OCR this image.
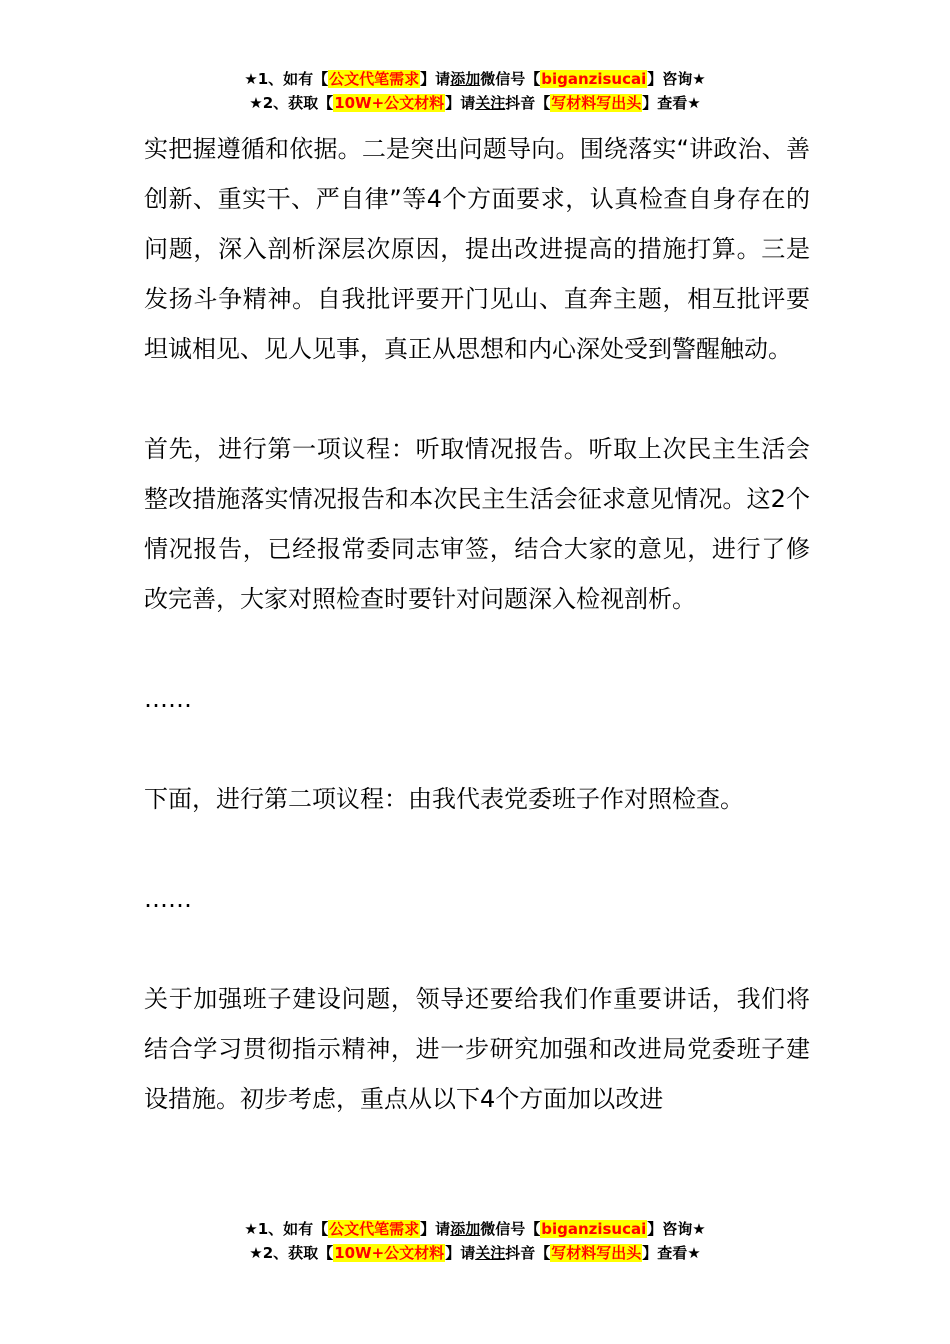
★1、如有【公文代笔需求】请添加微信号【biganzisucai】咨询★
★2、获取【10W+公文材料】请关注抖音【写材料写出头】查看★

实把握遵循和依据。二是突出问题导向。围绕落实“讲政治、善创新、重实干、严自律”等4个方面要求，认真检查自身存在的问题，深入剖析深层次原因，提出改进提高的措施打算。三是发扬斗争精神。自我批评要开门见山、直奔主题，相互批评要坦诚相见、见人见事，真正从思想和内心深处受到警醒触动。

首先，进行第一项议程：听取情况报告。听取上次民主生活会整改措施落实情况报告和本次民主生活会征求意见情况。这2个情况报告，已经报常委同志审签，结合大家的意见，进行了修改完善，大家对照检查时要针对问题深入检视剖析。

……

下面，进行第二项议程：由我代表党委班子作对照检查。

……

关于加强班子建设问题，领导还要给我们作重要讲话，我们将结合学习贯彻指示精神，进一步研究加强和改进局党委班子建设措施。初步考虑，重点从以下4个方面加以改进

★1、如有【公文代笔需求】请添加微信号【biganzisucai】咨询★
★2、获取【10W+公文材料】请关注抖音【写材料写出头】查看★
